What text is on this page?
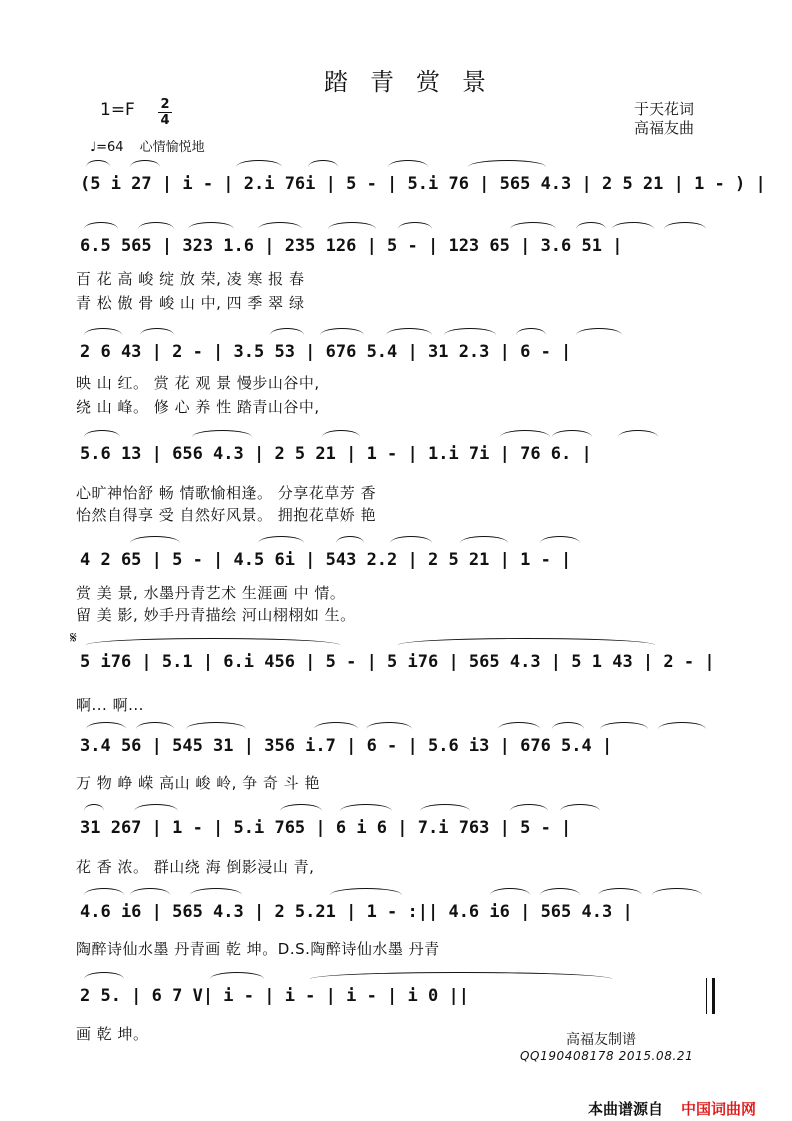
踏青赏景
1=F 2
4
于天花词
高福友曲
♩=64 心情愉悦地
(5 i 27 | i - | 2.i 76i | 5 - | 5.i 76 | 565 4.3 | 2 5 21 | 1 - ) |
6.5 565 | 323 1.6 | 235 126 | 5 - | 123 65 | 3.6 51 |
百 花 高 峻 绽 放 荣, 凌 寒 报 春
青 松 傲 骨 峻 山 中, 四 季 翠 绿
2 6 43 | 2 - | 3.5 53 | 676 5.4 | 31 2.3 | 6 - |
映 山 红。 赏 花 观 景 慢步山谷中,
绕 山 峰。 修 心 养 性 踏青山谷中,
5.6 13 | 656 4.3 | 2 5 21 | 1 - | 1.i 7i | 76 6. |
心旷神怡舒 畅 情歌愉相逢。 分享花草芳 香
怡然自得享 受 自然好风景。 拥抱花草娇 艳
4 2 65 | 5 - | 4.5 6i | 543 2.2 | 2 5 21 | 1 - |
赏 美 景, 水墨丹青艺术 生涯画 中 情。
留 美 影, 妙手丹青描绘 河山栩栩如 生。
5 i76 | 5.1 | 6.i 456 | 5 - | 5 i76 | 565 4.3 | 5 1 43 | 2 - |
啊... 啊...
3.4 56 | 545 31 | 356 i.7 | 6 - | 5.6 i3 | 676 5.4 |
万 物 峥 嵘 高山 峻 岭, 争 奇 斗 艳
31 267 | 1 - | 5.i 765 | 6 i 6 | 7.i 763 | 5 - |
花 香 浓。 群山绕 海 倒影浸山 青,
4.6 i6 | 565 4.3 | 2 5.21 | 1 - :|| 4.6 i6 | 565 4.3 |
陶醉诗仙水墨 丹青画 乾 坤。D.S.陶醉诗仙水墨 丹青
2 5. | 6 7 V| i - | i - | i - | i 0 ||
画 乾 坤。
𝄋
高福友制谱
QQ190408178 2015.08.21
本曲谱源自 中国词曲网
